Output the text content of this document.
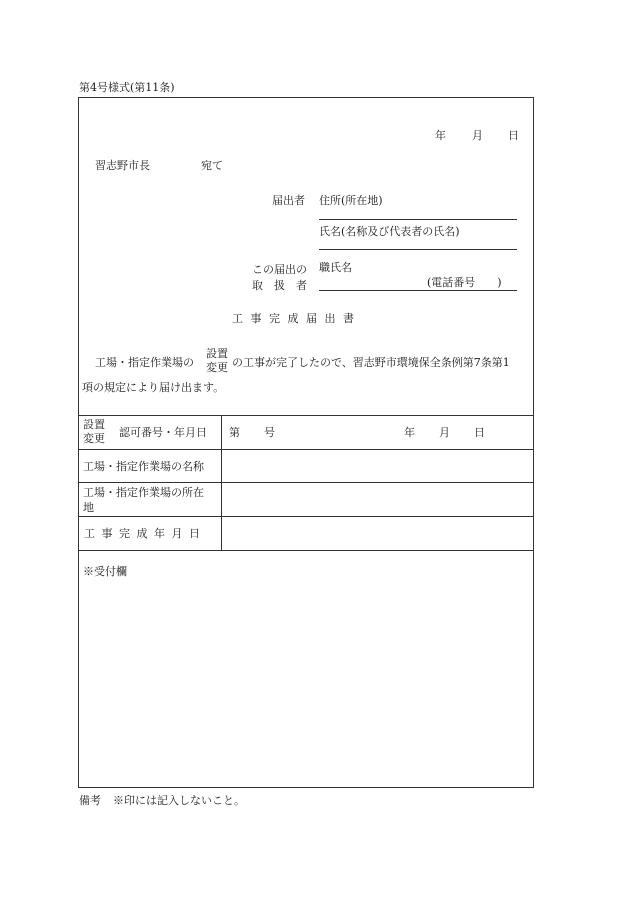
第4号様式(第11条)
年 月 日
習志野市長	宛て
届出者 住所(所在地)
氏名(名称及び代表者の氏名)
この届出の
取　扱　者
職氏名
(電話番号　　)
工 事 完 成 届 出 書
工場・指定作業場の
設置
変更 の工事が完了したので、習志野市環境保全条例第7条第1
項の規定により届け出ます。
設置
変更 認可番号・年月日 第 号	年 月 日
工場・指定作業場の名称
工場・指定作業場の所在
地
工 事 完 成 年 月 日
※受付欄
備考 ※印には記入しないこと。
